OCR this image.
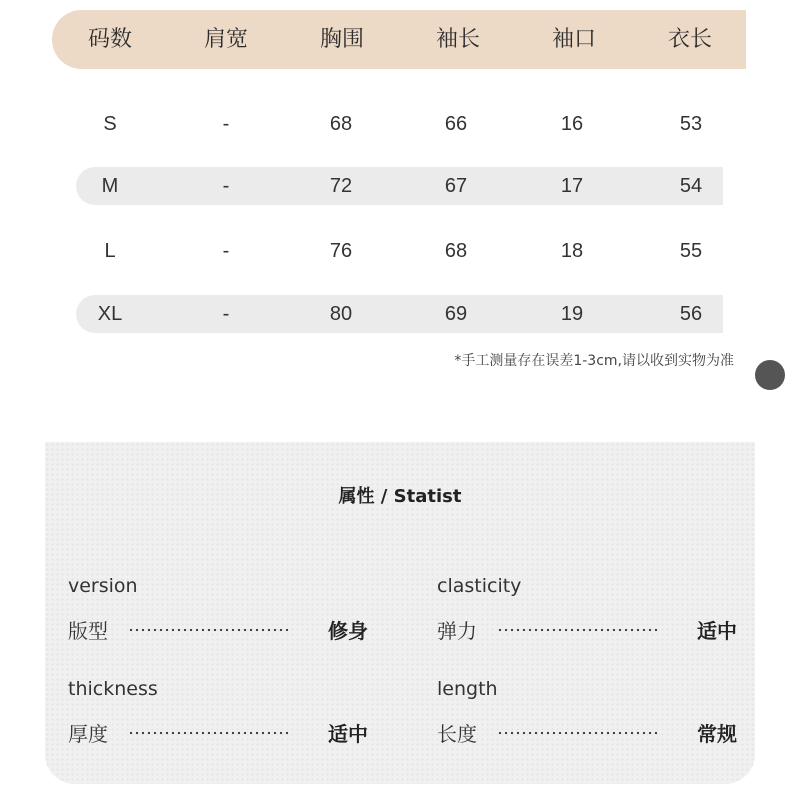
码数	肩宽	胸围	袖长	袖口	衣长
S	-	68	66	16	53
M	-	72	67	17	54
L	-	76	68	18	55
XL	-	80	69	19	56
*手工测量存在误差1-3cm,请以收到实物为准
属性 / Statist
version
版型	修身
clasticity
弹力	适中
thickness
厚度	适中
length
长度	常规
